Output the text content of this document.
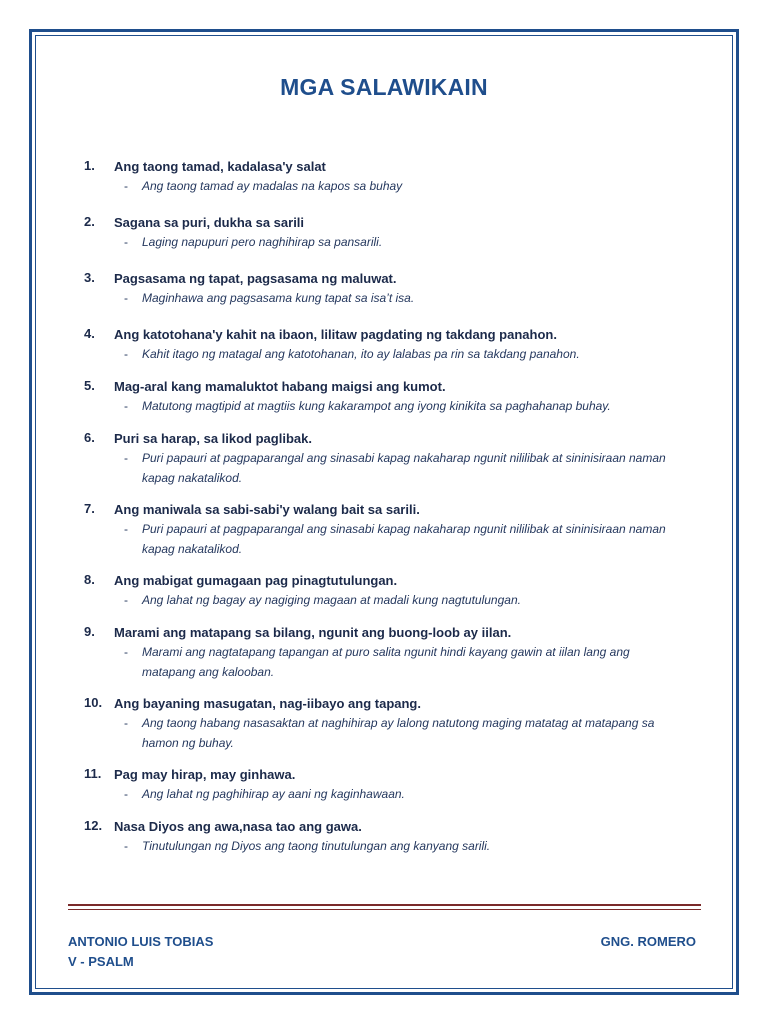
MGA SALAWIKAIN
1. Ang taong tamad, kadalasa'y salat
- Ang taong tamad ay madalas na kapos sa buhay
2. Sagana sa puri, dukha sa sarili
- Laging napupuri pero naghihirap sa pansarili.
3. Pagsasama ng tapat, pagsasama ng maluwat.
- Maginhawa ang pagsasama kung tapat sa isa’t isa.
4. Ang katotohana'y kahit na ibaon, lilitaw pagdating ng takdang panahon.
- Kahit itago ng matagal ang katotohanan, ito ay lalabas pa rin sa takdang panahon.
5. Mag-aral kang mamaluktot habang maigsi ang kumot.
- Matutong magtipid at magtiis kung kakarampot ang iyong kinikita sa paghahanap buhay.
6. Puri sa harap, sa likod paglibak.
- Puri papauri at pagpaparangal ang sinasabi kapag nakaharap ngunit nililibak at sininisiraan naman kapag nakatalikod.
7. Ang maniwala sa sabi-sabi'y walang bait sa sarili.
- Puri papauri at pagpaparangal ang sinasabi kapag nakaharap ngunit nililibak at sininisiraan naman kapag nakatalikod.
8. Ang mabigat gumagaan pag pinagtutulungan.
- Ang lahat ng bagay ay nagiging magaan at madali kung nagtutulungan.
9. Marami ang matapang sa bilang, ngunit ang buong-loob ay iilan.
- Marami ang nagtatapang tapangan at puro salita ngunit hindi kayang gawin at iilan lang ang matapang ang kalooban.
10. Ang bayaning masugatan, nag-iibayo ang tapang.
- Ang taong habang nasasaktan at naghihirap ay lalong natutong maging matatag at matapang sa hamon ng buhay.
11. Pag may hirap, may ginhawa.
- Ang lahat ng paghihirap ay aani ng kaginhawaan.
12. Nasa Diyos ang awa,nasa tao ang gawa.
- Tinutulungan ng Diyos ang taong tinutulungan ang kanyang sarili.
ANTONIO LUIS TOBIAS
V - PSALM
GNG. ROMERO
